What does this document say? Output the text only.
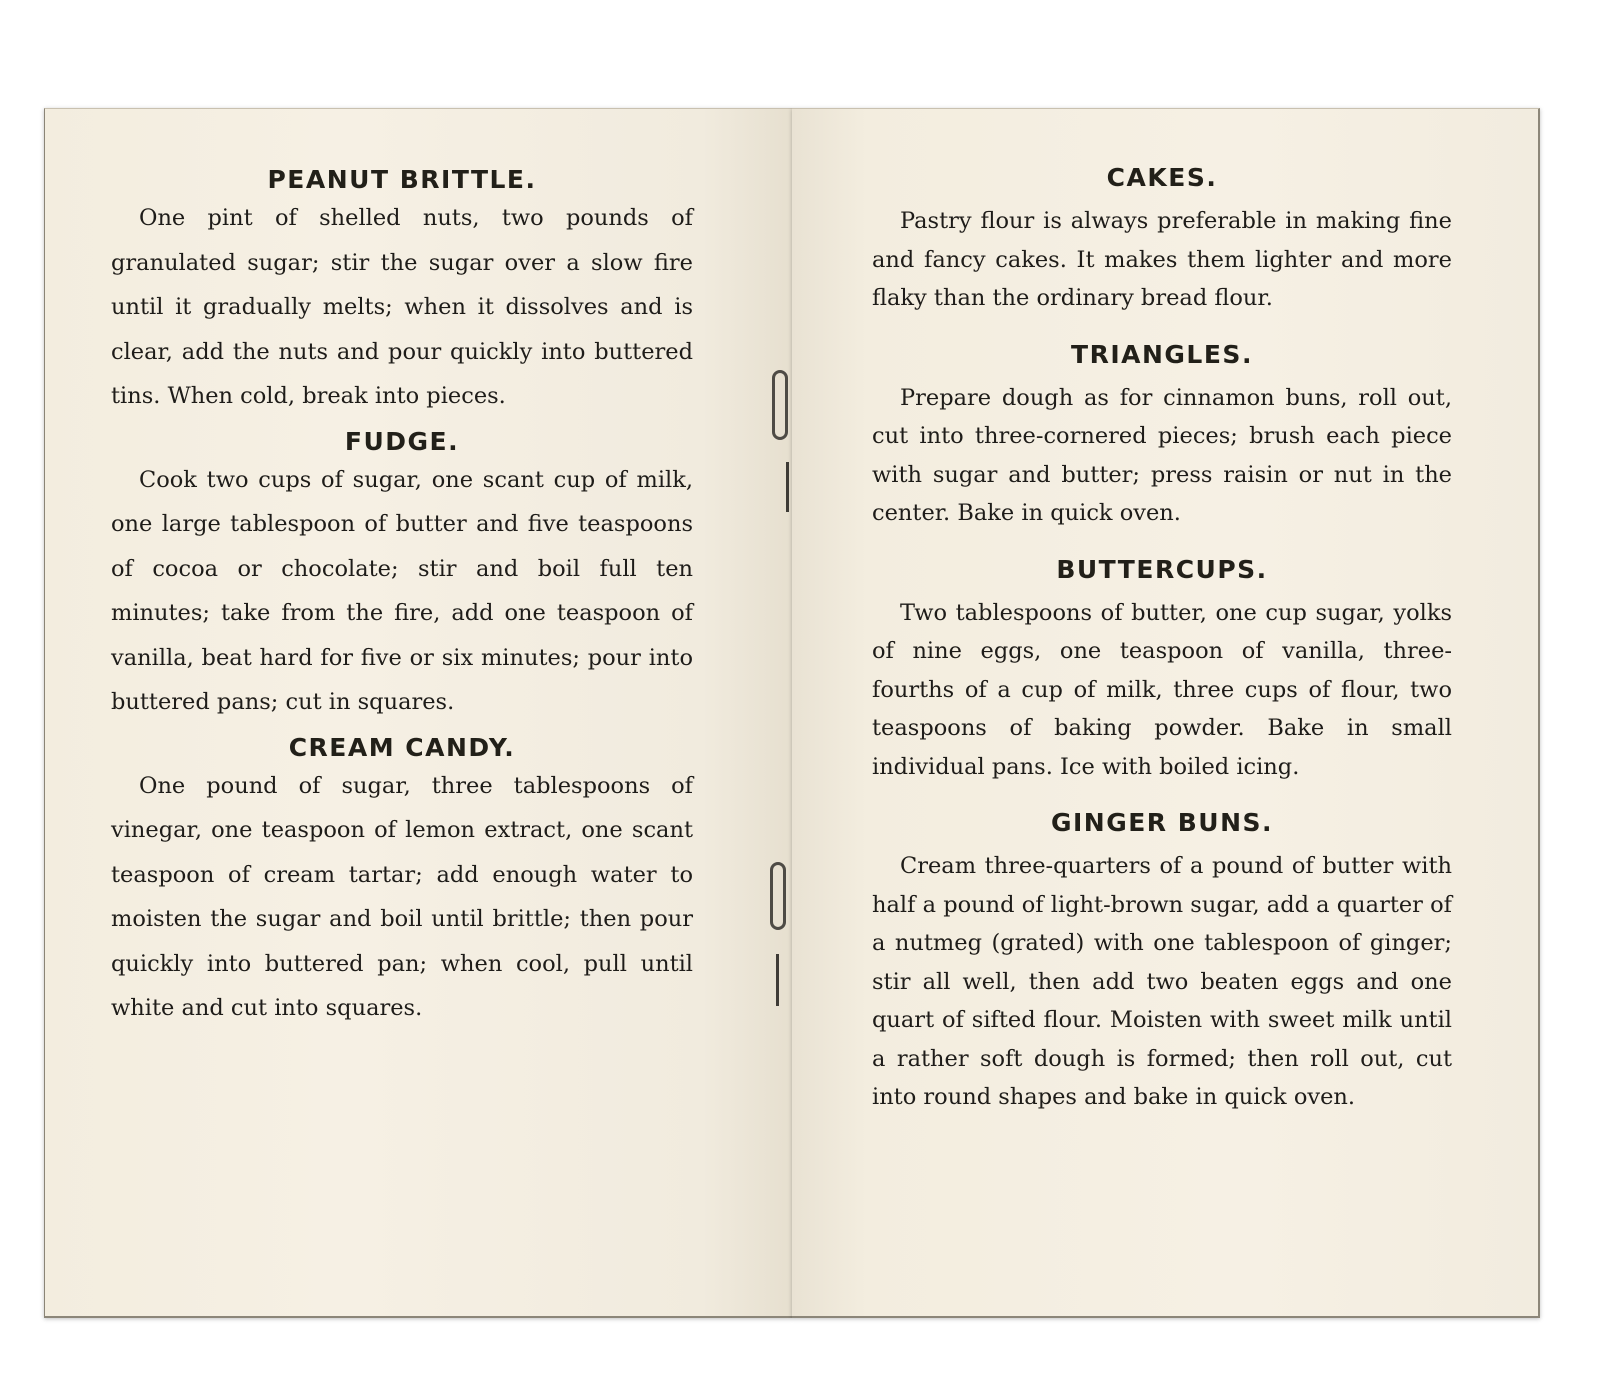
PEANUT BRITTLE.

One pint of shelled nuts, two pounds of granulated sugar; stir the sugar over a slow fire until it gradually melts; when it dissolves and is clear, add the nuts and pour quickly into buttered tins. When cold, break into pieces.

FUDGE.

Cook two cups of sugar, one scant cup of milk, one large tablespoon of butter and five teaspoons of cocoa or chocolate; stir and boil full ten minutes; take from the fire, add one teaspoon of vanilla, beat hard for five or six minutes; pour into buttered pans; cut in squares.

CREAM CANDY.

One pound of sugar, three tablespoons of vinegar, one teaspoon of lemon extract, one scant teaspoon of cream tartar; add enough water to moisten the sugar and boil until brittle; then pour quickly into buttered pan; when cool, pull until white and cut into squares.

CAKES.

Pastry flour is always preferable in making fine and fancy cakes. It makes them lighter and more flaky than the ordinary bread flour.

TRIANGLES.

Prepare dough as for cinnamon buns, roll out, cut into three-cornered pieces; brush each piece with sugar and butter; press raisin or nut in the center. Bake in quick oven.

BUTTERCUPS.

Two tablespoons of butter, one cup sugar, yolks of nine eggs, one teaspoon of vanilla, three-fourths of a cup of milk, three cups of flour, two teaspoons of baking powder. Bake in small individual pans. Ice with boiled icing.

GINGER BUNS.

Cream three-quarters of a pound of butter with half a pound of light-brown sugar, add a quarter of a nutmeg (grated) with one tablespoon of ginger; stir all well, then add two beaten eggs and one quart of sifted flour. Moisten with sweet milk until a rather soft dough is formed; then roll out, cut into round shapes and bake in quick oven.
